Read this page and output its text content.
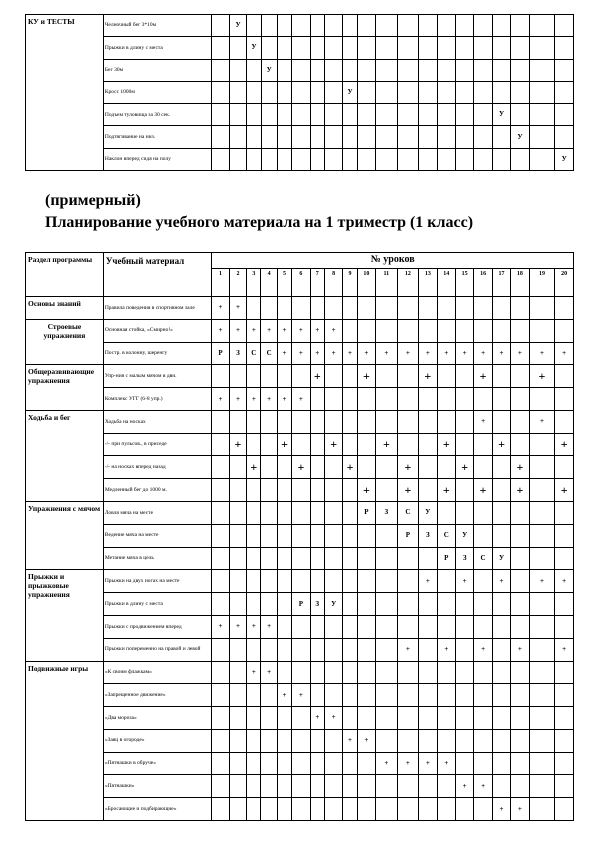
КУ и ТЕСТЫ	Челночный бег 3*10м		У																		
	Прыжки в длину с места			У																	
	Бег 30м				У																
	Кросс 1000м									У											
	Подъем туловища за 30 сек.																	У			
	Подтягивание на низ.																		У		
	Наклон вперед сидя на полу																				У
(примерный)
Планирование учебного материала на 1 триместр (1 класс)
Раздел программы	Учебный материал	№ уроков																			
		1	2	3	4	5	6	7	8	9	10	11	12	13	14	15	16	17	18	19	20
Основы знаний	Правила поведения в спортивном зале	+	+																		
Строевые упражнения	Основная стойка, «Смирно!»	+	+	+	+	+	+	+	+												
	Постр. в колонну, шеренгу	Р	З	С	С	+	+	+	+	+	+	+	+	+	+	+	+	+	+	+	+
Общеразвивающие упражнения	Упр-ния с малым мячом в дви.							+			+			+			+			+	
	Комплекс УГГ (6-8 упр.)	+	+	+	+	+	+														
Ходьба и бег	Ходьба на носках																+			+	
	-/- при пульсов., в приседе		+			+			+			+			+			+			+
	-/- на носках вперед назад			+			+			+			+			+			+		
	Медленный бег до 1000 м.										+		+		+		+		+		+
Упражнения с мячом	Ловля мяча на месте										Р	З	С	У							
	Ведение мяча на месте												Р	З	С	У					
	Метание мяча в цель														Р	З	С	У			
Прыжки и прыжковые упражнения	Прыжки на двух ногах на месте													+		+		+		+	+
	Прыжки в длину с места						Р	З	У												
	Прыжки с продвижением вперед	+	+	+	+																
	Прыжки попеременно на правой и левой												+		+		+		+		+
Подвижные игры	«К своим флажкам»			+	+																
	«Запрещенное движение»					+	+														
	«Два мороза»							+	+												
	«Заяц в огороде»									+	+										
	«Пятнашки в обруче»											+	+	+	+						
	«Пятнашки»															+	+				
	«Бросающие и подбирающие»																	+	+		
